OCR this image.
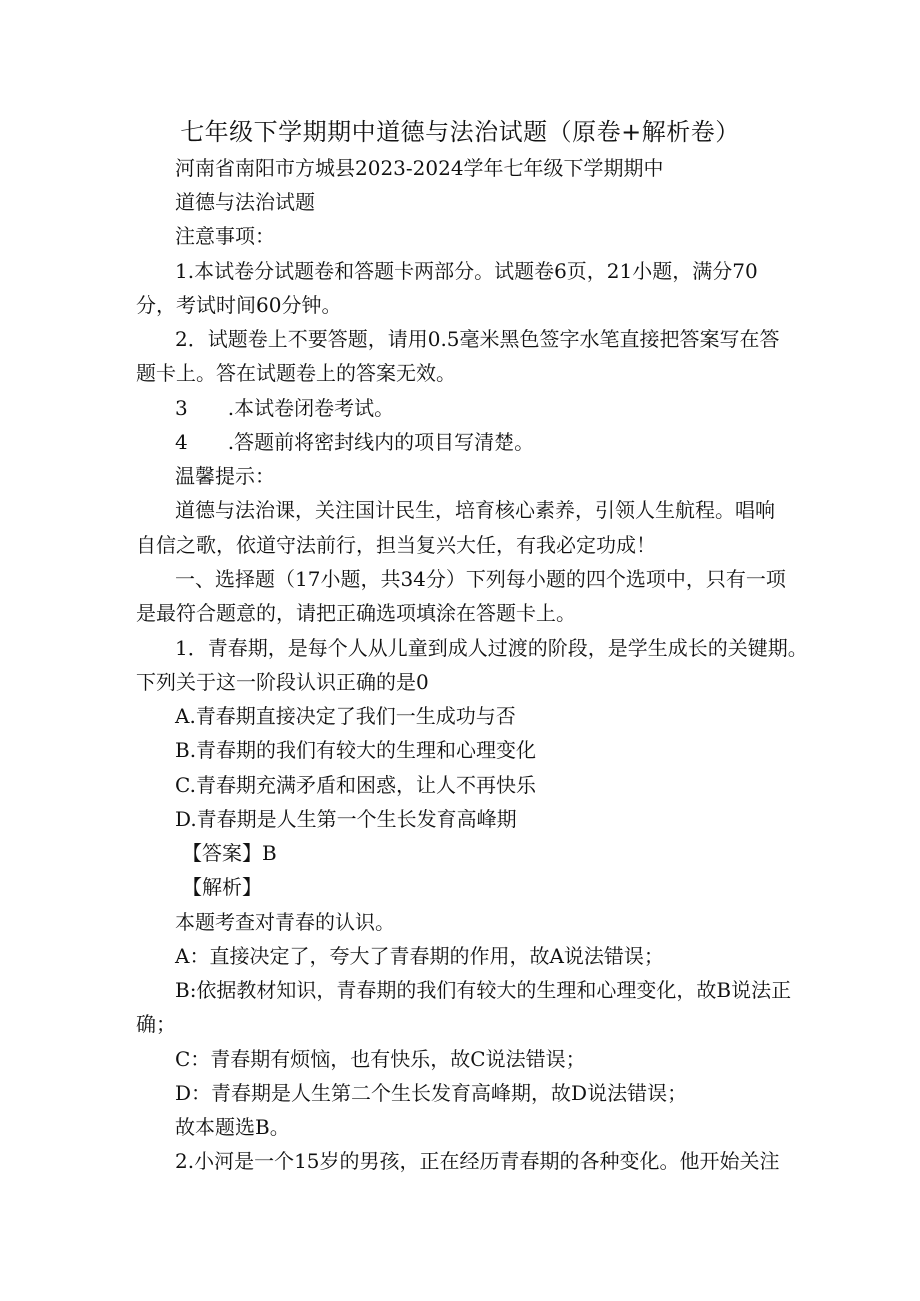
七年级下学期期中道德与法治试题（原卷+解析卷）
河南省南阳市方城县2023-2024学年七年级下学期期中
道德与法治试题
注意事项：
1.本试卷分试题卷和答题卡两部分。试题卷6页，21小题，满分70
分，考试时间60分钟。
2．试题卷上不要答题，请用0.5毫米黑色签字水笔直接把答案写在答
题卡上。答在试题卷上的答案无效。
3　　.本试卷闭卷考试。
4　　.答题前将密封线内的项目写清楚。
温馨提示：
道德与法治课，关注国计民生，培育核心素养，引领人生航程。唱响
自信之歌，依道守法前行，担当复兴大任，有我必定功成！
一、选择题（17小题，共34分）下列每小题的四个选项中，只有一项
是最符合题意的，请把正确选项填涂在答题卡上。
1．青春期，是每个人从儿童到成人过渡的阶段，是学生成长的关键期。
下列关于这一阶段认识正确的是0
A.青春期直接决定了我们一生成功与否
B.青春期的我们有较大的生理和心理变化
C.青春期充满矛盾和困惑，让人不再快乐
D.青春期是人生第一个生长发育高峰期
【答案】B
【解析】
本题考查对青春的认识。
A：直接决定了，夸大了青春期的作用，故A说法错误；
B:依据教材知识，青春期的我们有较大的生理和心理变化，故B说法正
确；
C：青春期有烦恼，也有快乐，故C说法错误；
D：青春期是人生第二个生长发育高峰期，故D说法错误；
故本题选B。
2.小河是一个15岁的男孩，正在经历青春期的各种变化。他开始关注
